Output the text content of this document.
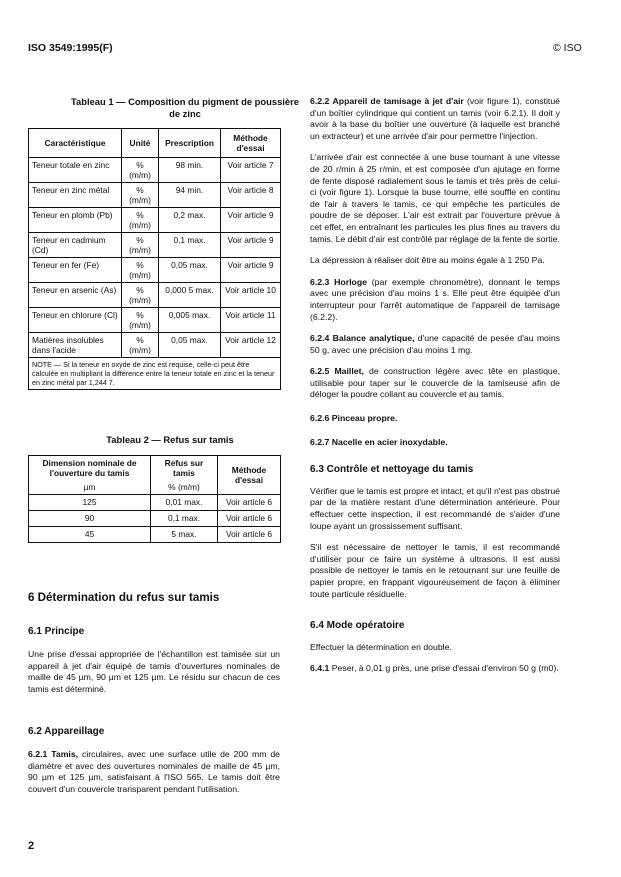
ISO 3549:1995(F)	© ISO
Tableau 1 — Composition du pigment de poussière de zinc
Caractéristique	Unité	Prescription	Méthode d'essai
Teneur totale en zinc	% (m/m)	98 min.	Voir article 7
Teneur en zinc métal	% (m/m)	94 min.	Voir article 8
Teneur en plomb (Pb)	% (m/m)	0,2 max.	Voir article 9
Teneur en cadmium (Cd)	% (m/m)	0,1 max.	Voir article 9
Teneur en fer (Fe)	% (m/m)	0,05 max.	Voir article 9
Teneur en arsenic (As)	% (m/m)	0,000 5 max.	Voir article 10
Teneur en chlorure (Cl)	% (m/m)	0,005 max.	Voir article 11
Matières insolubles dans l'acide	% (m/m)	0,05 max.	Voir article 12
NOTE — Si la teneur en oxyde de zinc est requise, celle-ci peut être calculée en multipliant la différence entre la teneur totale en zinc et la teneur en zinc métal par 1,244 7.			
Tableau 2 — Refus sur tamis
Dimension nominale de l'ouverture du tamis	Refus sur tamis	Méthode d'essai
µm	% (m/m)	
125	0,01 max.	Voir article 6
90	0,1 max.	Voir article 6
45	5 max.	Voir article 6
6 Détermination du refus sur tamis
6.1 Principe

Une prise d'essai appropriée de l'échantillon est tamisée sur un appareil à jet d'air équipé de tamis d'ouvertures nominales de maille de 45 µm, 90 µm et 125 µm. Le résidu sur chacun de ces tamis est déterminé.

6.2 Appareillage

6.2.1 Tamis, circulaires, avec une surface utile de 200 mm de diamètre et avec des ouvertures nominales de maille de 45 µm, 90 µm et 125 µm, satisfaisant à l'ISO 565. Le tamis doit être couvert d'un couvercle transparent pendant l'utilisation.

6.2.2 Appareil de tamisage à jet d'air (voir figure 1), constitué d'un boîtier cylindrique qui contient un tamis (voir 6.2.1). Il doit y avoir à la base du boîtier une ouverture (à laquelle est branché un extracteur) et une arrivée d'air pour permettre l'injection.

L'arrivée d'air est connectée à une buse tournant à une vitesse de 20 r/min à 25 r/min, et est composée d'un ajutage en forme de fente disposé radialement sous le tamis et très près de celui-ci (voir figure 1). Lorsque la buse tourne, elle souffle en continu de l'air à travers le tamis, ce qui empêche les particules de poudre de se déposer. L'air est extrait par l'ouverture prévue à cet effet, en entraînant les particules les plus fines au travers du tamis. Le débit d'air est contrôlé par réglage de la fente de sortie.

La dépression à réaliser doit être au moins égale à 1 250 Pa.

6.2.3 Horloge (par exemple chronomètre), donnant le temps avec une précision d'au moins 1 s. Elle peut être équipée d'un interrupteur pour l'arrêt automatique de l'appareil de tamisage (6.2.2).

6.2.4 Balance analytique, d'une capacité de pesée d'au moins 50 g, avec une précision d'au moins 1 mg.

6.2.5 Maillet, de construction légère avec tête en plastique, utilisable pour taper sur le couvercle de la tamiseuse afin de déloger la poudre collant au couvercle et au tamis.

6.2.6 Pinceau propre.

6.2.7 Nacelle en acier inoxydable.

6.3 Contrôle et nettoyage du tamis

Vérifier que le tamis est propre et intact, et qu'il n'est pas obstrué par de la matière restant d'une détermination antérieure. Pour effectuer cette inspection, il est recommandé de s'aider d'une loupe ayant un grossissement suffisant.

S'il est nécessaire de nettoyer le tamis, il est recommandé d'utiliser pour ce faire un système à ultrasons. Il est aussi possible de nettoyer le tamis en le retournant sur une feuille de papier propre, en frappant vigoureusement de façon à éliminer toute particule résiduelle.

6.4 Mode opératoire

Effectuer la détermination en double.

6.4.1 Peser, à 0,01 g près, une prise d'essai d'environ 50 g (m0).

2
